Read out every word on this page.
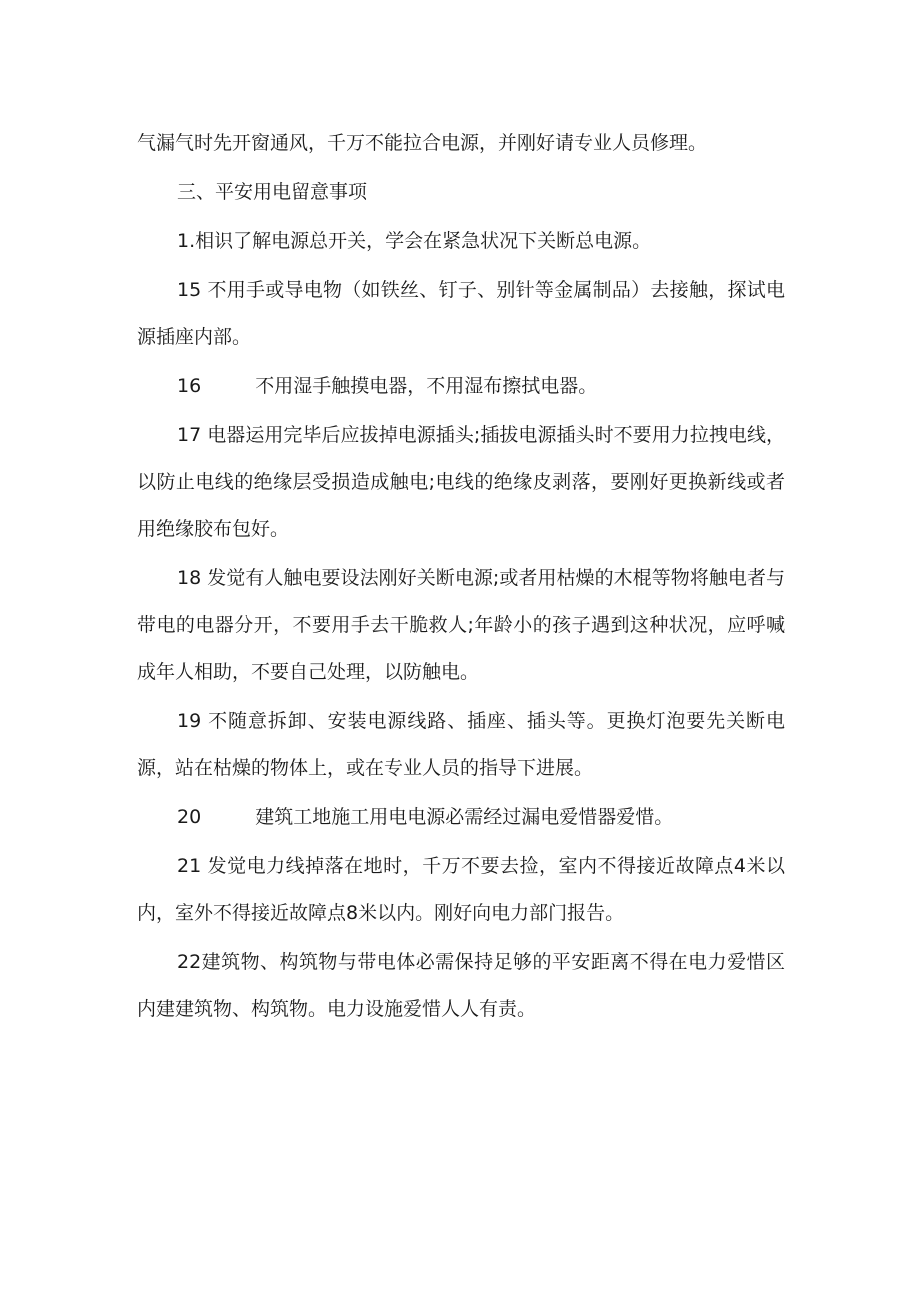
气漏气时先开窗通风，千万不能拉合电源，并刚好请专业人员修理。

三、平安用电留意事项

1.相识了解电源总开关，学会在紧急状况下关断总电源。

15 不用手或导电物（如铁丝、钉子、别针等金属制品）去接触，探试电源插座内部。

16	不用湿手触摸电器，不用湿布擦拭电器。

17 电器运用完毕后应拔掉电源插头;插拔电源插头时不要用力拉拽电线，以防止电线的绝缘层受损造成触电;电线的绝缘皮剥落，要刚好更换新线或者用绝缘胶布包好。

18 发觉有人触电要设法刚好关断电源;或者用枯燥的木棍等物将触电者与带电的电器分开，不要用手去干脆救人;年龄小的孩子遇到这种状况，应呼喊成年人相助，不要自己处理，以防触电。

19 不随意拆卸、安装电源线路、插座、插头等。更换灯泡要先关断电源，站在枯燥的物体上，或在专业人员的指导下进展。

20	建筑工地施工用电电源必需经过漏电爱惜器爱惜。

21 发觉电力线掉落在地时，千万不要去捡，室内不得接近故障点4米以内，室外不得接近故障点8米以内。刚好向电力部门报告。

22建筑物、构筑物与带电体必需保持足够的平安距离不得在电力爱惜区内建建筑物、构筑物。电力设施爱惜人人有责。
